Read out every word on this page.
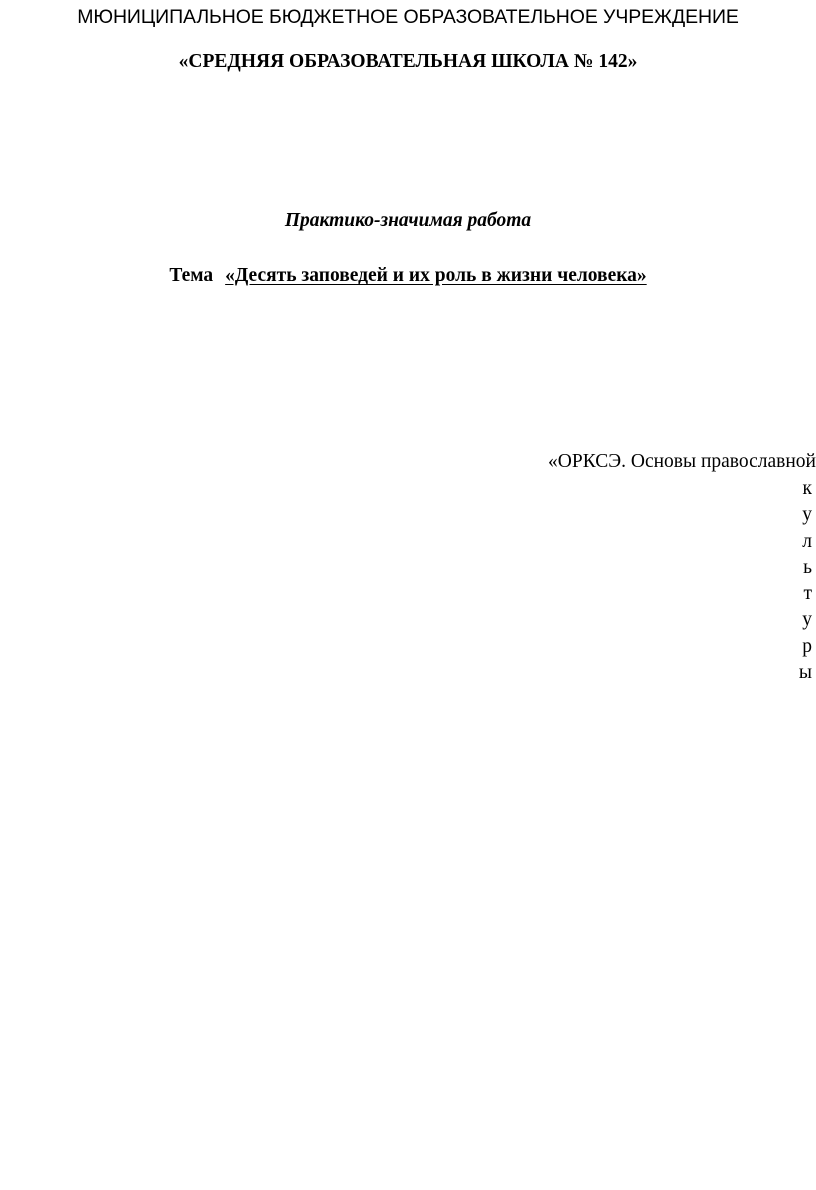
МЮНИЦИПАЛЬНОЕ БЮДЖЕТНОЕ ОБРАЗОВАТЕЛЬНОЕ УЧРЕЖДЕНИЕ
«СРЕДНЯЯ ОБРАЗОВАТЕЛЬНАЯ ШКОЛА № 142»
Практико-значимая работа
Тема «Десять заповедей и их роль в жизни человека»
«ОРКСЭ. Основы православной
к
у
л
ь
т
у
р
ы
